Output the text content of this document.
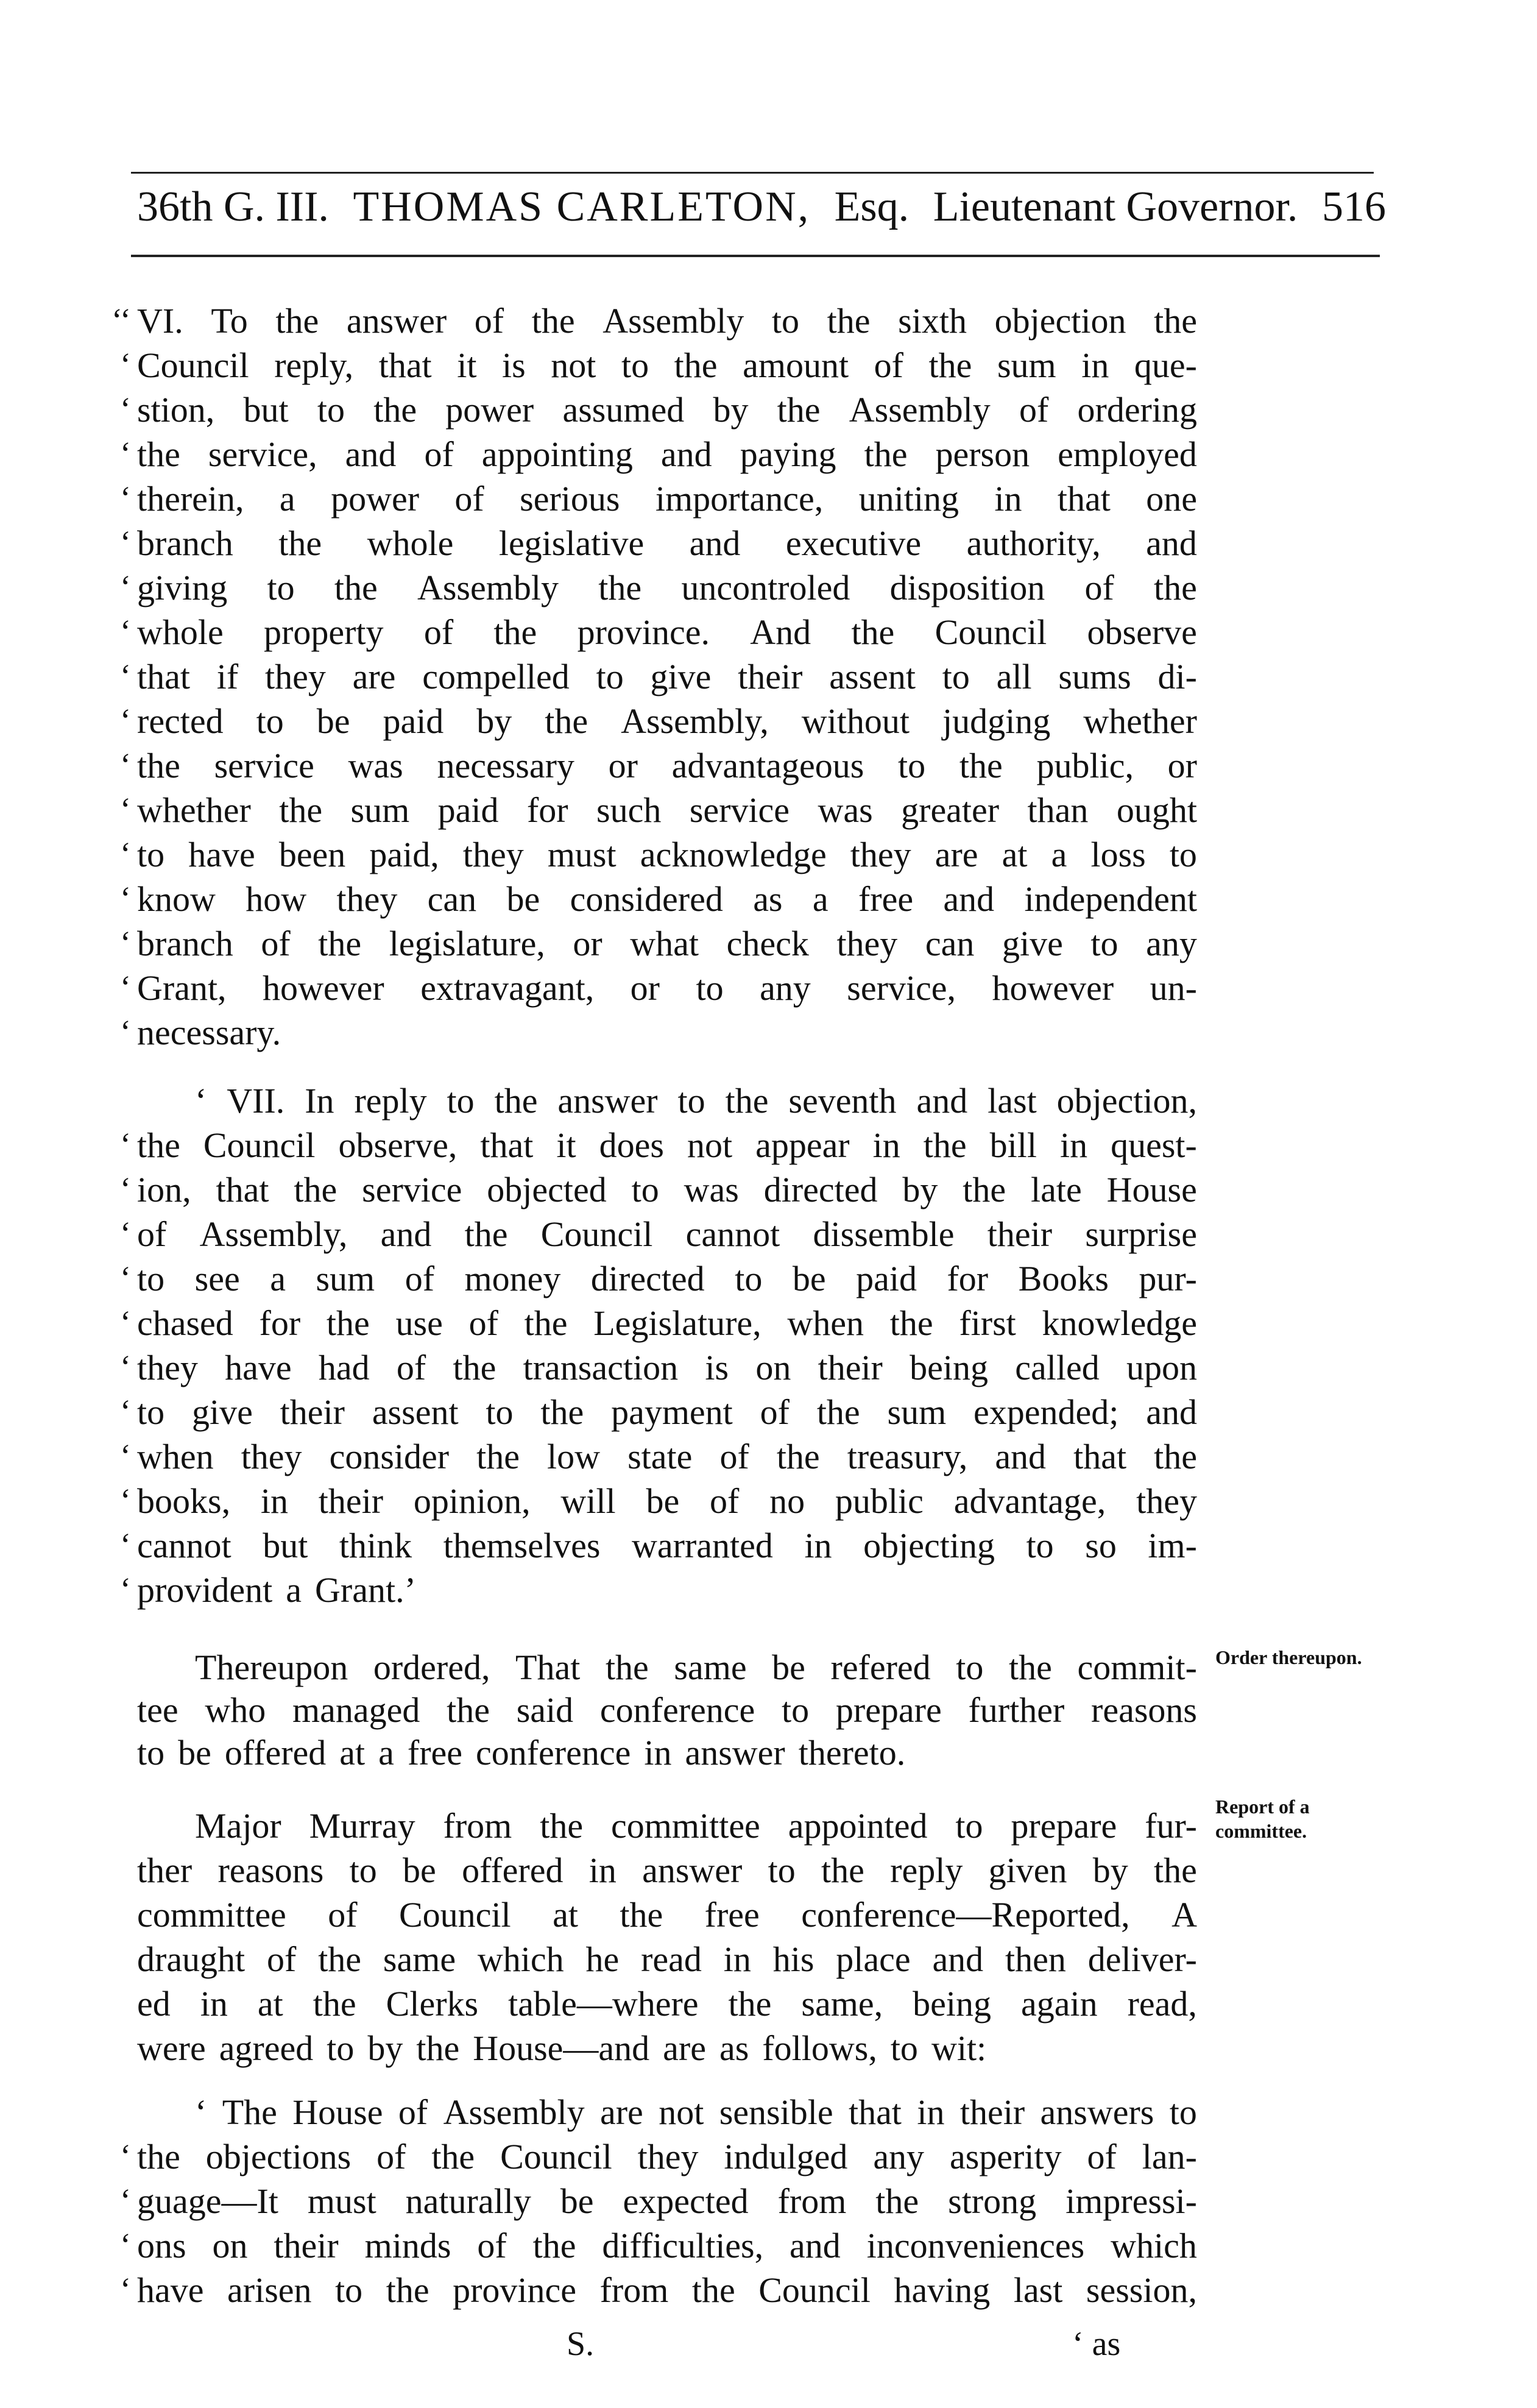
36th G. III. THOMAS CARLETON, Esq. Lieutenant Governor. 516
‘‘ VI. To the answer of the Assembly to the sixth objection the
‘ Council reply, that it is not to the amount of the sum in que-
‘ stion, but to the power assumed by the Assembly of ordering
‘ the service, and of appointing and paying the person employed
‘ therein, a power of serious importance, uniting in that one
‘ branch the whole legislative and executive authority, and
‘ giving to the Assembly the uncontroled disposition of the
‘ whole property of the province. And the Council observe
‘ that if they are compelled to give their assent to all sums di-
‘ rected to be paid by the Assembly, without judging whether
‘ the service was necessary or advantageous to the public, or
‘ whether the sum paid for such service was greater than ought
‘ to have been paid, they must acknowledge they are at a loss to
‘ know how they can be considered as a free and independent
‘ branch of the legislature, or what check they can give to any
‘ Grant, however extravagant, or to any service, however un-
‘ necessary.
‘ VII. In reply to the answer to the seventh and last objection,
‘ the Council observe, that it does not appear in the bill in quest-
‘ ion, that the service objected to was directed by the late House
‘ of Assembly, and the Council cannot dissemble their surprise
‘ to see a sum of money directed to be paid for Books pur-
‘ chased for the use of the Legislature, when the first knowledge
‘ they have had of the transaction is on their being called upon
‘ to give their assent to the payment of the sum expended; and
‘ when they consider the low state of the treasury, and that the
‘ books, in their opinion, will be of no public advantage, they
‘ cannot but think themselves warranted in objecting to so im-
‘ provident a Grant.’
Thereupon ordered, That the same be refered to the commit-
tee who managed the said conference to prepare further reasons
to be offered at a free conference in answer thereto.
Major Murray from the committee appointed to prepare fur-
ther reasons to be offered in answer to the reply given by the
committee of Council at the free conference—Reported, A
draught of the same which he read in his place and then deliver-
ed in at the Clerks table—where the same, being again read,
were agreed to by the House—and are as follows, to wit:
‘ The House of Assembly are not sensible that in their answers to
‘ the objections of the Council they indulged any asperity of lan-
‘ guage—It must naturally be expected from the strong impressi-
‘ ons on their minds of the difficulties, and inconveniences which
‘ have arisen to the province from the Council having last session,
Order thereupon.
Report of a committee.
S.	‘ as
